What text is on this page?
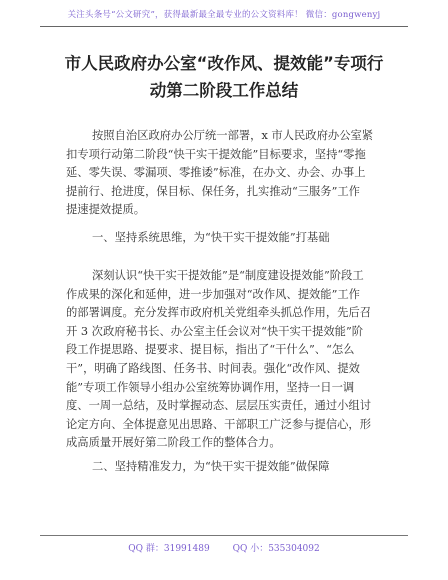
关注头条号“公文研究”，获得最新最全最专业的公文资料库！ 微信：gongwenyj
市人民政府办公室“改作风、提效能”专项行
动第二阶段工作总结
按照自治区政府办公厅统一部署，x 市人民政府办公室紧
扣专项行动第二阶段“快干实干提效能”目标要求，坚持“零拖
延、零失误、零漏项、零推诿”标准，在办文、办会、办事上
提前行、抢进度，保目标、保任务，扎实推动“三服务”工作
提速提效提质。
一、坚持系统思维，为“快干实干提效能”打基础
深刻认识“快干实干提效能”是“制度建设提效能”阶段工
作成果的深化和延伸，进一步加强对“改作风、提效能”工作
的部署调度。充分发挥市政府机关党组牵头抓总作用，先后召
开 3 次政府秘书长、办公室主任会议对“快干实干提效能”阶
段工作提思路、提要求、提目标，指出了“干什么”、“怎么
干”，明确了路线图、任务书、时间表。强化“改作风、提效
能”专项工作领导小组办公室统筹协调作用，坚持一日一调
度、一周一总结，及时掌握动态、层层压实责任，通过小组讨
论定方向、全体提意见出思路、干部职工广泛参与提信心，形
成高质量开展好第二阶段工作的整体合力。
二、坚持精准发力，为“快干实干提效能”做保障
QQ 群：31991489	QQ 小：535304092
